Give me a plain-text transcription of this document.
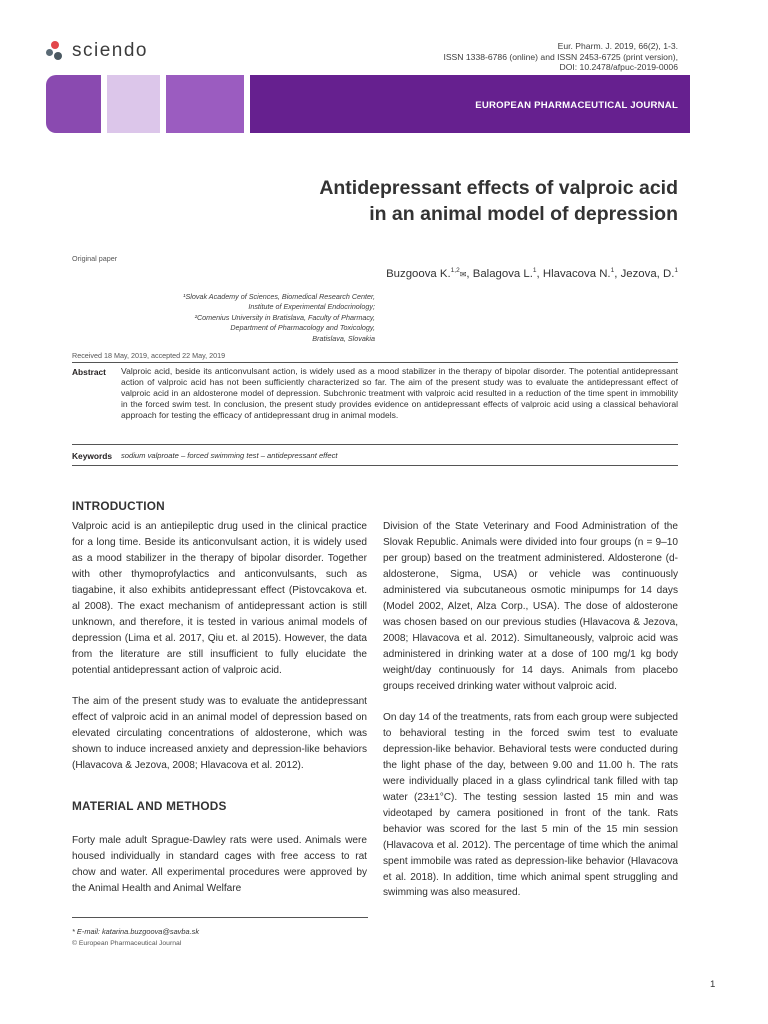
sciendo	Eur. Pharm. J. 2019, 66(2), 1-3.
ISSN 1338-6786 (online) and ISSN 2453-6725 (print version),
DOI: 10.2478/afpuc-2019-0006
EUROPEAN PHARMACEUTICAL JOURNAL
Antidepressant effects of valproic acid
in an animal model of depression
Original paper
Buzgoova K.$^{1,2}$✉, Balagova L.$^1$, Hlavacova N.$^1$, Jezova, D.$^1$
¹Slovak Academy of Sciences, Biomedical Research Center,
Institute of Experimental Endocrinology;
²Comenius University in Bratislava, Faculty of Pharmacy,
Department of Pharmacology and Toxicology,
Bratislava, Slovakia
Received 18 May, 2019, accepted 22 May, 2019
Abstract Valproic acid, beside its anticonvulsant action, is widely used as a mood stabilizer in the therapy of bipolar disorder. The potential antidepressant action of valproic acid has not been sufficiently characterized so far. The aim of the present study was to evaluate the antidepressant effect of valproic acid in an aldosterone model of depression. Subchronic treatment with valproic acid resulted in a reduction of the time spent in immobility in the forced swim test. In conclusion, the present study provides evidence on antidepressant effects of valproic acid using a classical behavioral approach for testing the efficacy of antidepressant drug in animal models.
Keywords sodium valproate – forced swimming test – antidepressant effect
INTRODUCTION
Valproic acid is an antiepileptic drug used in the clinical practice for a long time. Beside its anticonvulsant action, it is widely used as a mood stabilizer in the therapy of bipolar disorder. Together with other thymoprofylactics and anticonvulsants, such as tiagabine, it also exhibits antidepressant effect (Pistovcakova et. al 2008). The exact mechanism of antidepressant action is still unknown, and therefore, it is tested in various animal models of depression (Lima et al. 2017, Qiu et. al 2015). However, the data from the literature are still insufficient to fully elucidate the potential antidepressant action of valproic acid.
The aim of the present study was to evaluate the antidepressant effect of valproic acid in an animal model of depression based on elevated circulating concentrations of aldosterone, which was shown to induce increased anxiety and depression-like behaviors (Hlavacova & Jezova, 2008; Hlavacova et al. 2012).
MATERIAL AND METHODS
Forty male adult Sprague-Dawley rats were used. Animals were housed individually in standard cages with free access to rat chow and water. All experimental procedures were approved by the Animal Health and Animal Welfare
Division of the State Veterinary and Food Administration of the Slovak Republic. Animals were divided into four groups (n = 9–10 per group) based on the treatment administered. Aldosterone (d-aldosterone, Sigma, USA) or vehicle was continuously administered via subcutaneous osmotic minipumps for 14 days (Model 2002, Alzet, Alza Corp., USA). The dose of aldosterone was chosen based on our previous studies (Hlavacova & Jezova, 2008; Hlavacova et al. 2012). Simultaneously, valproic acid was administered in drinking water at a dose of 100 mg/1 kg body weight/day continuously for 14 days. Animals from placebo groups received drinking water without valproic acid.
On day 14 of the treatments, rats from each group were subjected to behavioral testing in the forced swim test to evaluate depression-like behavior. Behavioral tests were conducted during the light phase of the day, between 9.00 and 11.00 h. The rats were individually placed in a glass cylindrical tank filled with tap water (23±1°C). The testing session lasted 15 min and was videotaped by camera positioned in front of the tank. Rats behavior was scored for the last 5 min of the 15 min session (Hlavacova et al. 2012). The percentage of time which the animal spent immobile was rated as depression-like behavior (Hlavacova et al. 2018). In addition, time which animal spent struggling and swimming was also measured.
* E-mail: katarina.buzgoova@savba.sk
© European Pharmaceutical Journal
1
